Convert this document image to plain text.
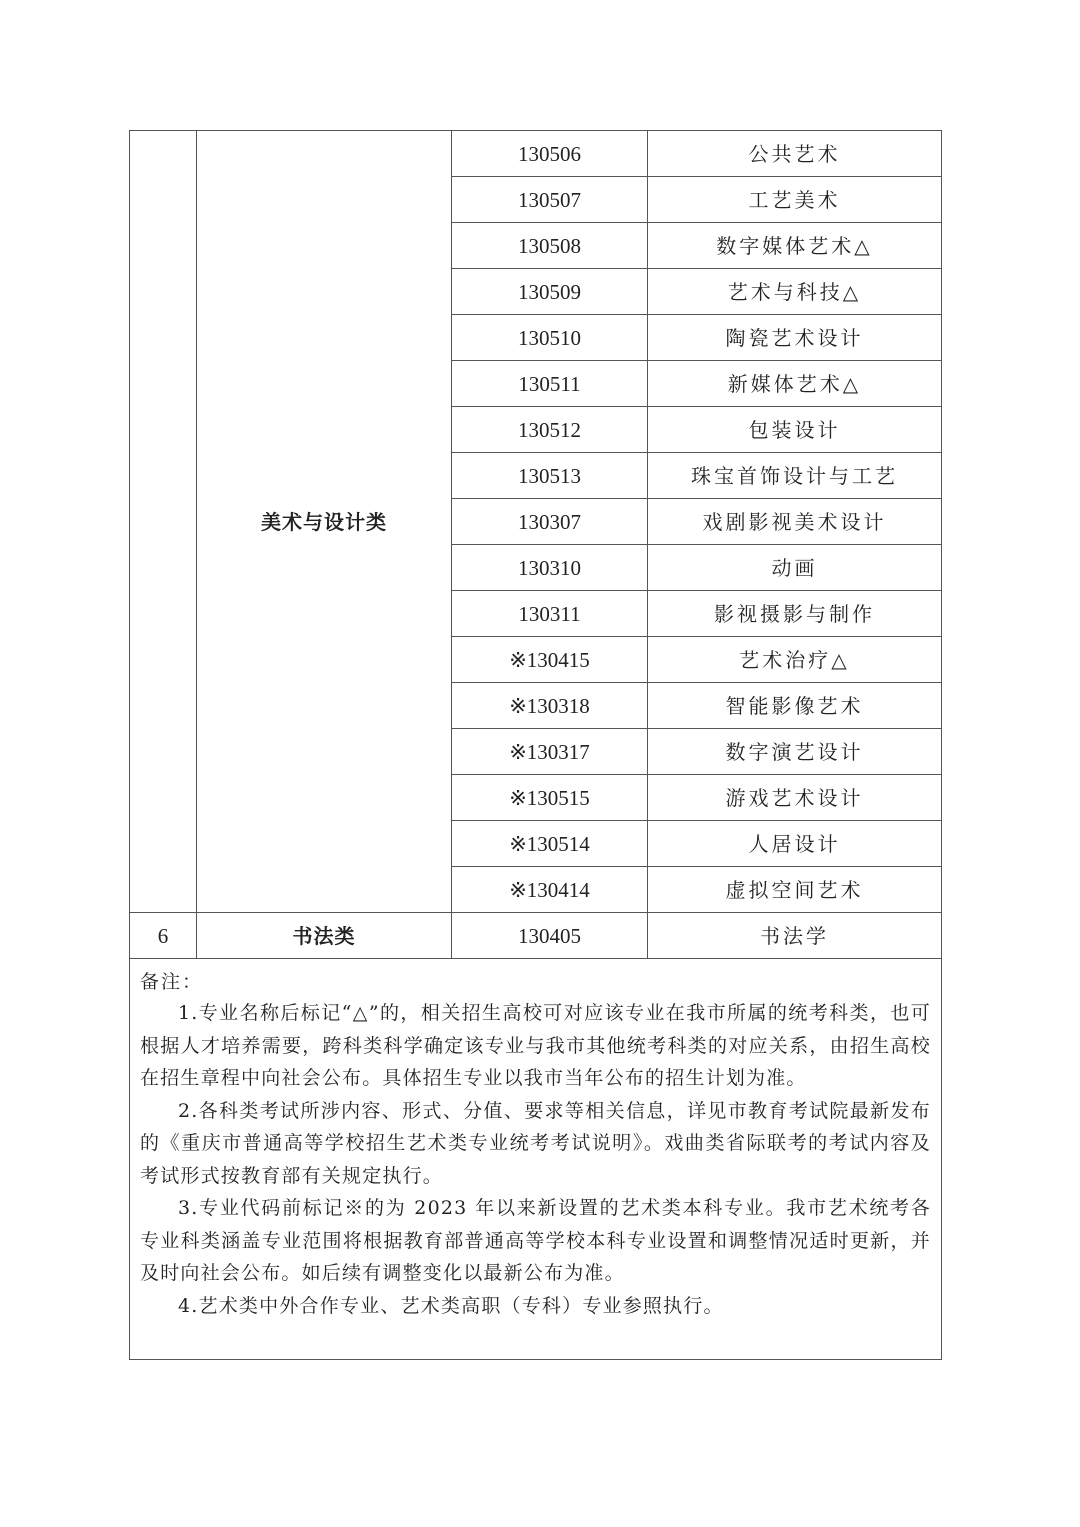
	美术与设计类	130506	公共艺术
		130507	工艺美术
		130508	数字媒体艺术△
		130509	艺术与科技△
		130510	陶瓷艺术设计
		130511	新媒体艺术△
		130512	包装设计
		130513	珠宝首饰设计与工艺
		130307	戏剧影视美术设计
		130310	动画
		130311	影视摄影与制作
		※130415	艺术治疗△
		※130318	智能影像艺术
		※130317	数字演艺设计
		※130515	游戏艺术设计
		※130514	人居设计
		※130414	虚拟空间艺术
6	书法类	130405	书法学

备注：
1.专业名称后标记“△”的，相关招生高校可对应该专业在我市所属的统考科类，也可根据人才培养需要，跨科类科学确定该专业与我市其他统考科类的对应关系，由招生高校在招生章程中向社会公布。具体招生专业以我市当年公布的招生计划为准。
2.各科类考试所涉内容、形式、分值、要求等相关信息，详见市教育考试院最新发布的《重庆市普通高等学校招生艺术类专业统考考试说明》。戏曲类省际联考的考试内容及考试形式按教育部有关规定执行。
3.专业代码前标记※的为 2023 年以来新设置的艺术类本科专业。我市艺术统考各专业科类涵盖专业范围将根据教育部普通高等学校本科专业设置和调整情况适时更新，并及时向社会公布。如后续有调整变化以最新公布为准。
4.艺术类中外合作专业、艺术类高职（专科）专业参照执行。			
